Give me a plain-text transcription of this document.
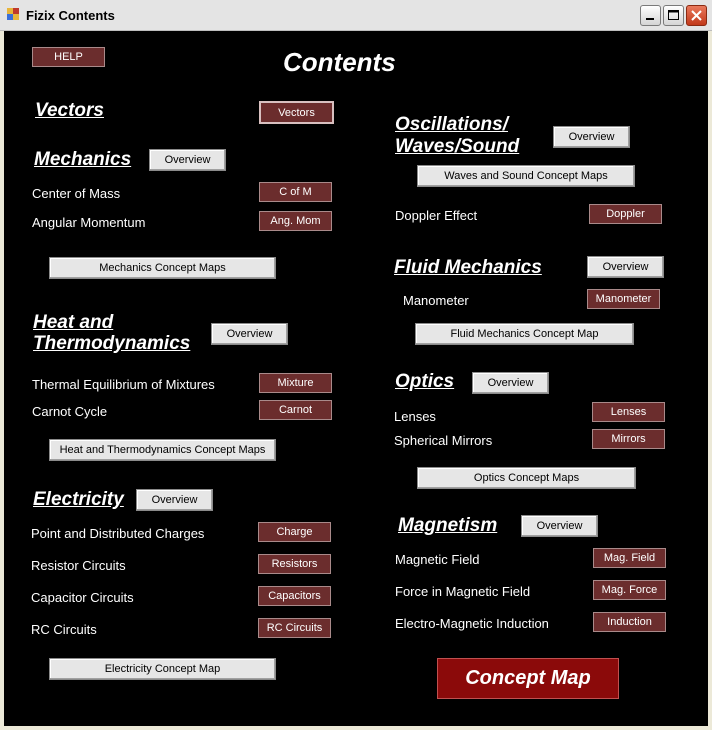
Fizix Contents
HELP	Contents
Vectors	Vectors
Mechanics	Overview
Center of Mass	C of M
Angular Momentum	Ang. Mom
Mechanics Concept Maps
Heat and
Thermodynamics	Overview
Thermal Equilibrium of Mixtures	Mixture
Carnot Cycle	Carnot
Heat and Thermodynamics Concept Maps
Electricity	Overview
Point and Distributed Charges	Charge
Resistor Circuits	Resistors
Capacitor Circuits	Capacitors
RC Circuits	RC Circuits
Electricity Concept Map
Oscillations/
Waves/Sound	Overview
Waves and Sound Concept Maps
Doppler Effect	Doppler
Fluid Mechanics	Overview
Manometer	Manometer
Fluid Mechanics Concept Map
Optics	Overview
Lenses	Lenses
Spherical Mirrors	Mirrors
Optics Concept Maps
Magnetism	Overview
Magnetic Field	Mag. Field
Force in Magnetic Field	Mag. Force
Electro-Magnetic Induction	Induction
Concept Map
